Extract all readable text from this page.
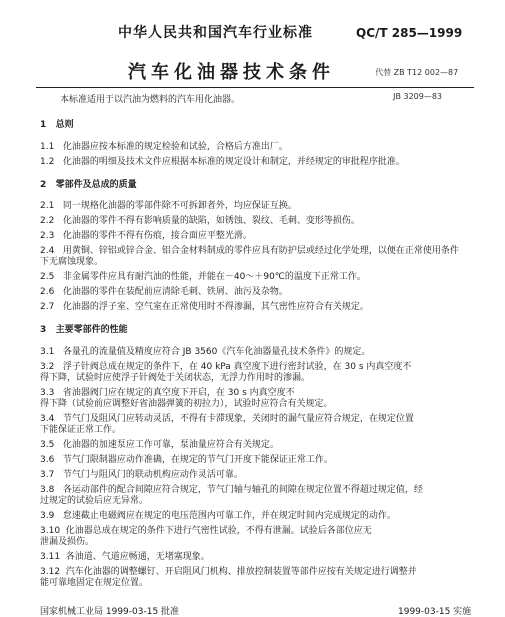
中华人民共和国汽车行业标准	QC/T 285—1999
汽车化油器技术条件	代替 ZB T12 002—87

JB 3209—83

本标准适用于以汽油为燃料的汽车用化油器。
1   总则
1.1   化油器应按本标准的规定检验和试验，合格后方准出厂。
1.2   化油器的明细及技术文件应根据本标准的规定设计和制定，并经规定的审批程序批准。
2   零部件及总成的质量
2.1   同一规格化油器的零部件除不可拆卸者外，均应保证互换。
2.2   化油器的零件不得有影响质量的缺陷，如锈蚀、裂纹、毛刺、变形等损伤。
2.3   化油器的零件不得有伤痕，接合面应平整光滑。
2.4   用黄铜、锌铝或锌合金、铝合金材料制成的零件应具有防护层或经过化学处理，以便在正常使用条件
下无腐蚀现象。
2.5   非金属零件应具有耐汽油的性能，并能在－40～＋90℃的温度下正常工作。
2.6   化油器的零件在装配前应清除毛刺、铁屑、油污及杂物。
2.7   化油器的浮子室、空气室在正常使用时不得渗漏，其气密性应符合有关规定。
3   主要零部件的性能
3.1   各量孔的流量值及精度应符合 JB 3560《汽车化油器量孔技术条件》的规定。
3.2   浮子针阀总成在规定的条件下，在 40 kPa 真空度下进行密封试验，在 30 s 内真空度不
得下降，试验时应使浮子针阀处于关闭状态，无浮力作用时的渗漏。
3.3   省油器阀门应在规定的真空度下开启，在 30 s 内真空度不
得下降（试验前应调整好省油器弹簧的初拉力），试验时应符合有关规定。
3.4   节气门及阻风门应转动灵活，不得有卡滞现象，关闭时的漏气量应符合规定，在规定位置
下能保证正常工作。
3.5   化油器的加速泵应工作可靠，泵油量应符合有关规定。
3.6   节气门限制器应动作准确，在规定的节气门开度下能保证正常工作。
3.7   节气门与阻风门的联动机构应动作灵活可靠。
3.8   各运动部件的配合间隙应符合规定，节气门轴与轴孔的间隙在规定位置不得超过规定值，经
过规定的试验后应无异常。
3.9   怠速截止电磁阀应在规定的电压范围内可靠工作，并在规定时间内完成规定的动作。
3.10  化油器总成在规定的条件下进行气密性试验，不得有泄漏。试验后各部位应无
泄漏及损伤。
3.11  各油道、气道应畅通，无堵塞现象。
3.12  汽车化油器的调整螺钉、开启阻风门机构、排放控制装置等部件应按有关规定进行调整并
能可靠地固定在规定位置。
国家机械工业局 1999-03-15 批准	1999-03-15 实施
